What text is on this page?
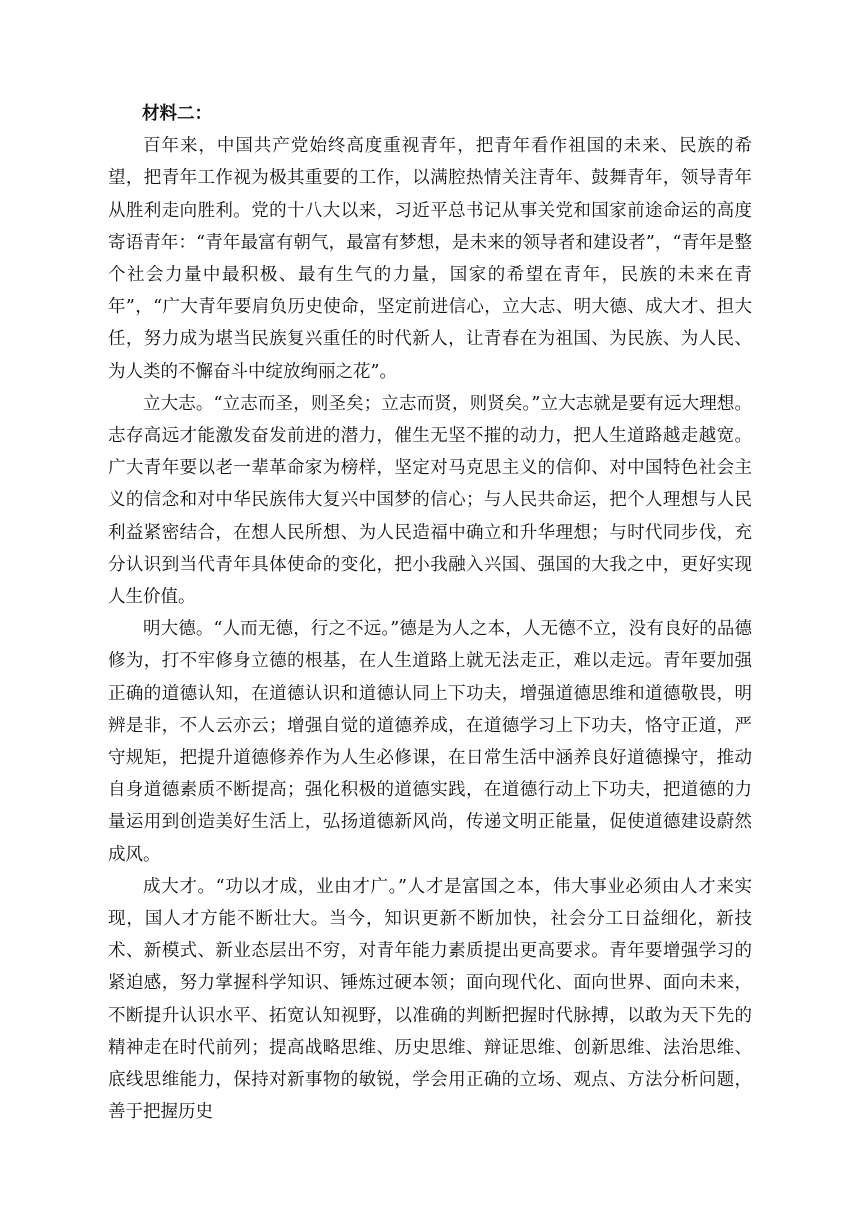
材料二：

百年来，中国共产党始终高度重视青年，把青年看作祖国的未来、民族的希望，把青年工作视为极其重要的工作，以满腔热情关注青年、鼓舞青年，领导青年从胜利走向胜利。党的十八大以来，习近平总书记从事关党和国家前途命运的高度寄语青年：“青年最富有朝气，最富有梦想，是未来的领导者和建设者”，“青年是整个社会力量中最积极、最有生气的力量，国家的希望在青年，民族的未来在青年”，“广大青年要肩负历史使命，坚定前进信心，立大志、明大德、成大才、担大任，努力成为堪当民族复兴重任的时代新人，让青春在为祖国、为民族、为人民、为人类的不懈奋斗中绽放绚丽之花”。

立大志。“立志而圣，则圣矣；立志而贤，则贤矣。”立大志就是要有远大理想。志存高远才能激发奋发前进的潜力，催生无坚不摧的动力，把人生道路越走越宽。广大青年要以老一辈革命家为榜样，坚定对马克思主义的信仰、对中国特色社会主义的信念和对中华民族伟大复兴中国梦的信心；与人民共命运，把个人理想与人民利益紧密结合，在想人民所想、为人民造福中确立和升华理想；与时代同步伐，充分认识到当代青年具体使命的变化，把小我融入兴国、强国的大我之中，更好实现人生价值。

明大德。“人而无德，行之不远。”德是为人之本，人无德不立，没有良好的品德修为，打不牢修身立德的根基，在人生道路上就无法走正，难以走远。青年要加强正确的道德认知，在道德认识和道德认同上下功夫，增强道德思维和道德敬畏，明辨是非，不人云亦云；增强自觉的道德养成，在道德学习上下功夫，恪守正道，严守规矩，把提升道德修养作为人生必修课，在日常生活中涵养良好道德操守，推动自身道德素质不断提高；强化积极的道德实践，在道德行动上下功夫，把道德的力量运用到创造美好生活上，弘扬道德新风尚，传递文明正能量，促使道德建设蔚然成风。

成大才。“功以才成，业由才广。”人才是富国之本，伟大事业必须由人才来实现，国人才方能不断壮大。当今，知识更新不断加快，社会分工日益细化，新技术、新模式、新业态层出不穷，对青年能力素质提出更高要求。青年要增强学习的紧迫感，努力掌握科学知识、锤炼过硬本领；面向现代化、面向世界、面向未来，不断提升认识水平、拓宽认知视野，以准确的判断把握时代脉搏，以敢为天下先的精神走在时代前列；提高战略思维、历史思维、辩证思维、创新思维、法治思维、底线思维能力，保持对新事物的敏锐，学会用正确的立场、观点、方法分析问题，善于把握历史
